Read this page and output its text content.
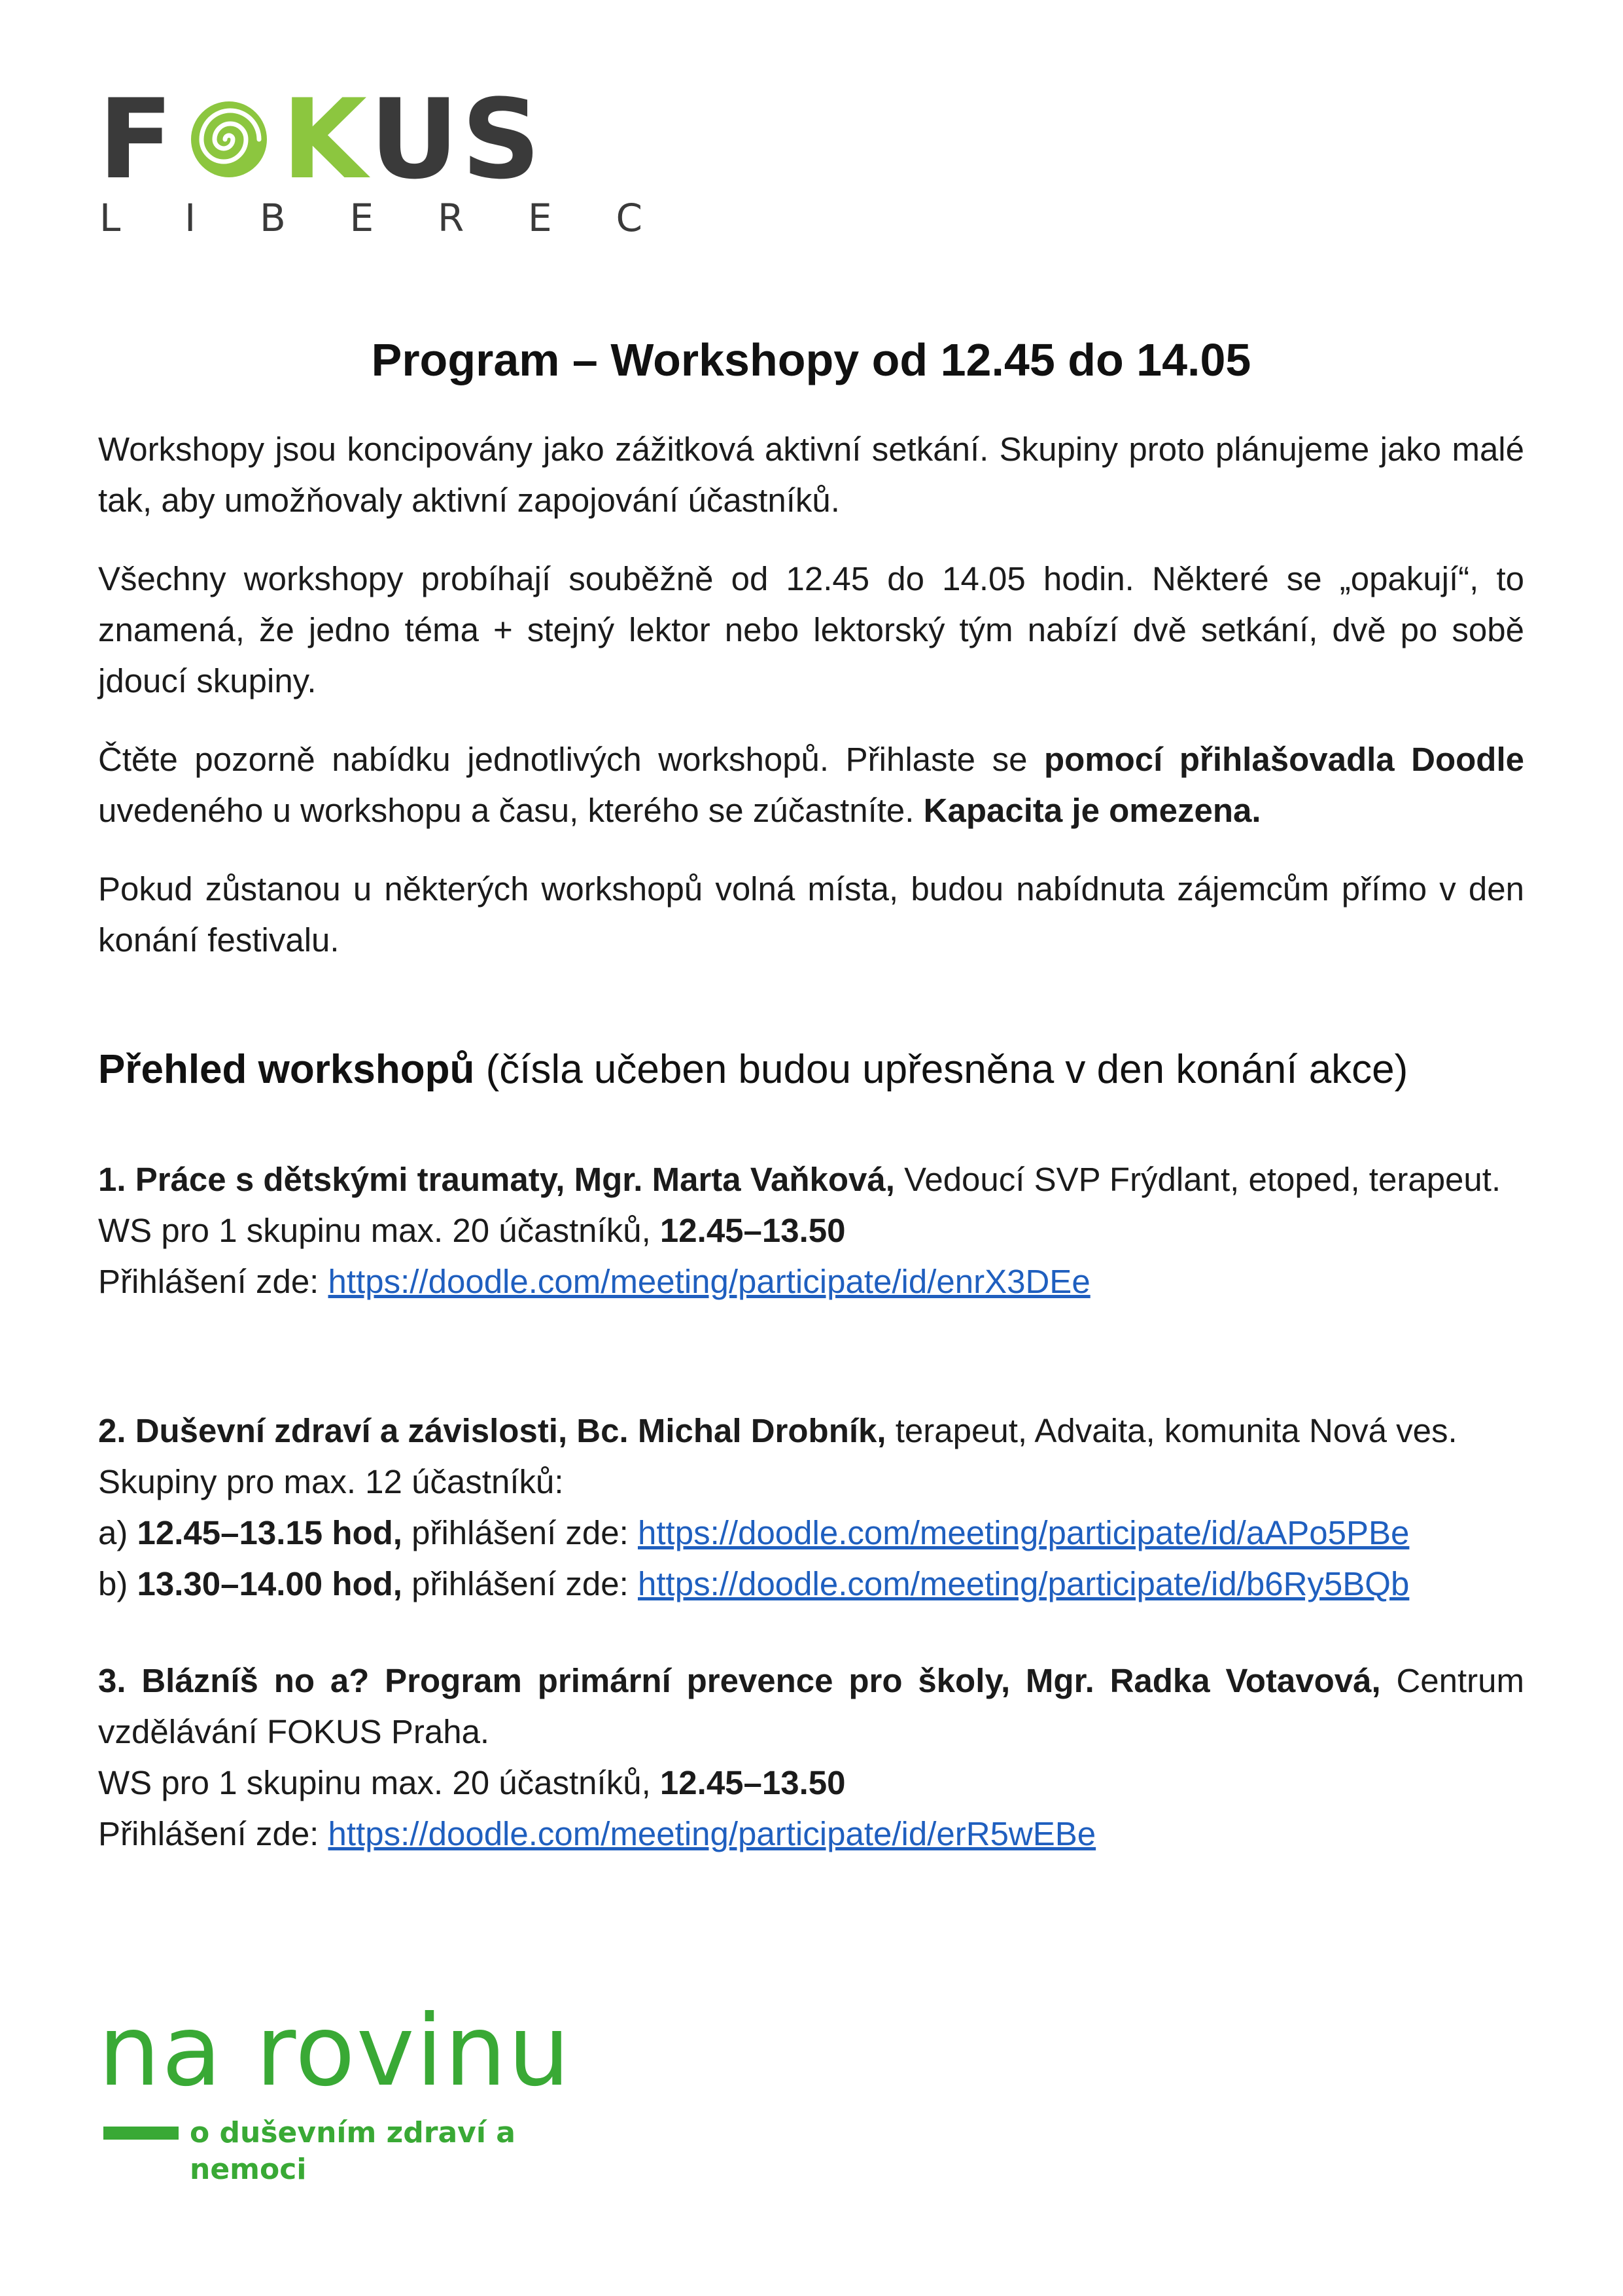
F K U S
L I B E R E C
Program – Workshopy od 12.45 do 14.05

Workshopy jsou koncipovány jako zážitková aktivní setkání. Skupiny proto plánujeme jako malé tak, aby umožňovaly aktivní zapojování účastníků.

Všechny workshopy probíhají souběžně od 12.45 do 14.05 hodin. Některé se „opakují“, to znamená, že jedno téma + stejný lektor nebo lektorský tým nabízí dvě setkání, dvě po sobě jdoucí skupiny.

Čtěte pozorně nabídku jednotlivých workshopů. Přihlaste se pomocí přihlašovadla Doodle uvedeného u workshopu a času, kterého se zúčastníte. Kapacita je omezena.

Pokud zůstanou u některých workshopů volná místa, budou nabídnuta zájemcům přímo v den konání festivalu.

Přehled workshopů (čísla učeben budou upřesněna v den konání akce)
1. Práce s dětskými traumaty, Mgr. Marta Vaňková, Vedoucí SVP Frýdlant, etoped, terapeut.
WS pro 1 skupinu max. 20 účastníků, 12.45–13.50
Přihlášení zde: https://doodle.com/meeting/participate/id/enrX3DEe
2. Duševní zdraví a závislosti, Bc. Michal Drobník, terapeut, Advaita, komunita Nová ves.
Skupiny pro max. 12 účastníků:
a) 12.45–13.15 hod, přihlášení zde: https://doodle.com/meeting/participate/id/aAPo5PBe
b) 13.30–14.00 hod, přihlášení zde: https://doodle.com/meeting/participate/id/b6Ry5BQb
3. Blázníš no a? Program primární prevence pro školy, Mgr. Radka Votavová, Centrum vzdělávání FOKUS Praha.
WS pro 1 skupinu max. 20 účastníků, 12.45–13.50
Přihlášení zde: https://doodle.com/meeting/participate/id/erR5wEBe
na rovinu
o duševním zdraví a nemoci
